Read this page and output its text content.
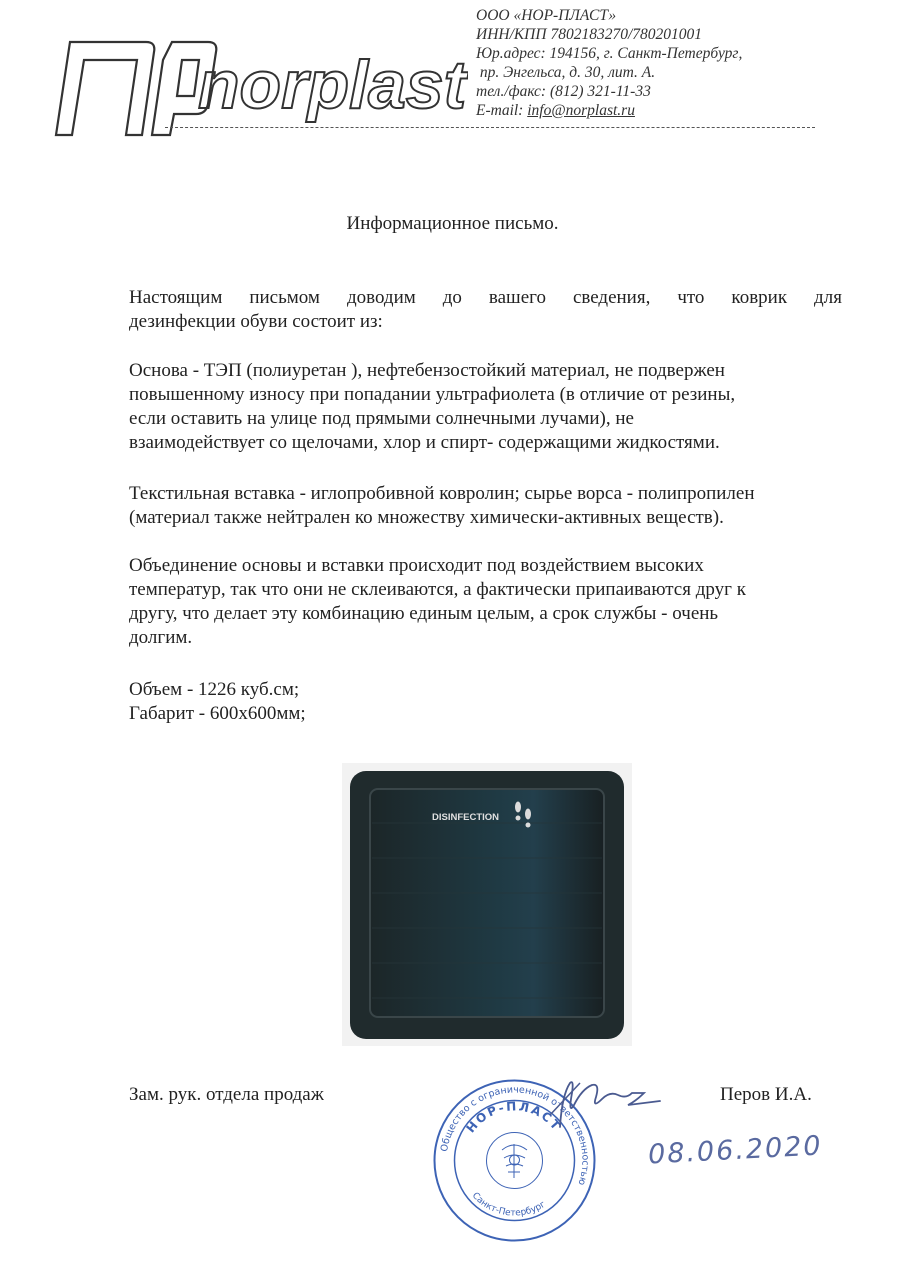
norplast
ООО «НОР-ПЛАСТ»
ИНН/КПП 7802183270/780201001
Юр.адрес: 194156, г. Санкт-Петербург,
пр. Энгельса, д. 30, лит. А.
тел./факс: (812) 321-11-33
E-mail: info@norplast.ru
Информационное письмо.
Настоящим письмом доводим до вашего сведения, что коврик для
дезинфекции обуви состоит из:
Основа - ТЭП (полиуретан ), нефтебензостойкий материал, не подвержен
повышенному износу при попадании ультрафиолета (в отличие от резины,
если оставить на улице под прямыми солнечными лучами), не
взаимодействует со щелочами, хлор и спирт- содержащими жидкостями.
Текстильная вставка - иглопробивной ковролин; сырье ворса - полипропилен
(материал также нейтрален ко множеству химически-активных веществ).
Объединение основы и вставки происходит под воздействием высоких
температур, так что они не склеиваются, а фактически припаиваются друг к
другу, что делает эту комбинацию единым целым, а срок службы - очень
долгим.
Объем - 1226 куб.см;
Габарит - 600x600мм;
DISINFECTION
Зам. рук. отдела продаж	Перов И.А.
Общество с ограниченной ответственностью
НОР-ПЛАСТ
Санкт-Петербург
08.06.2020
